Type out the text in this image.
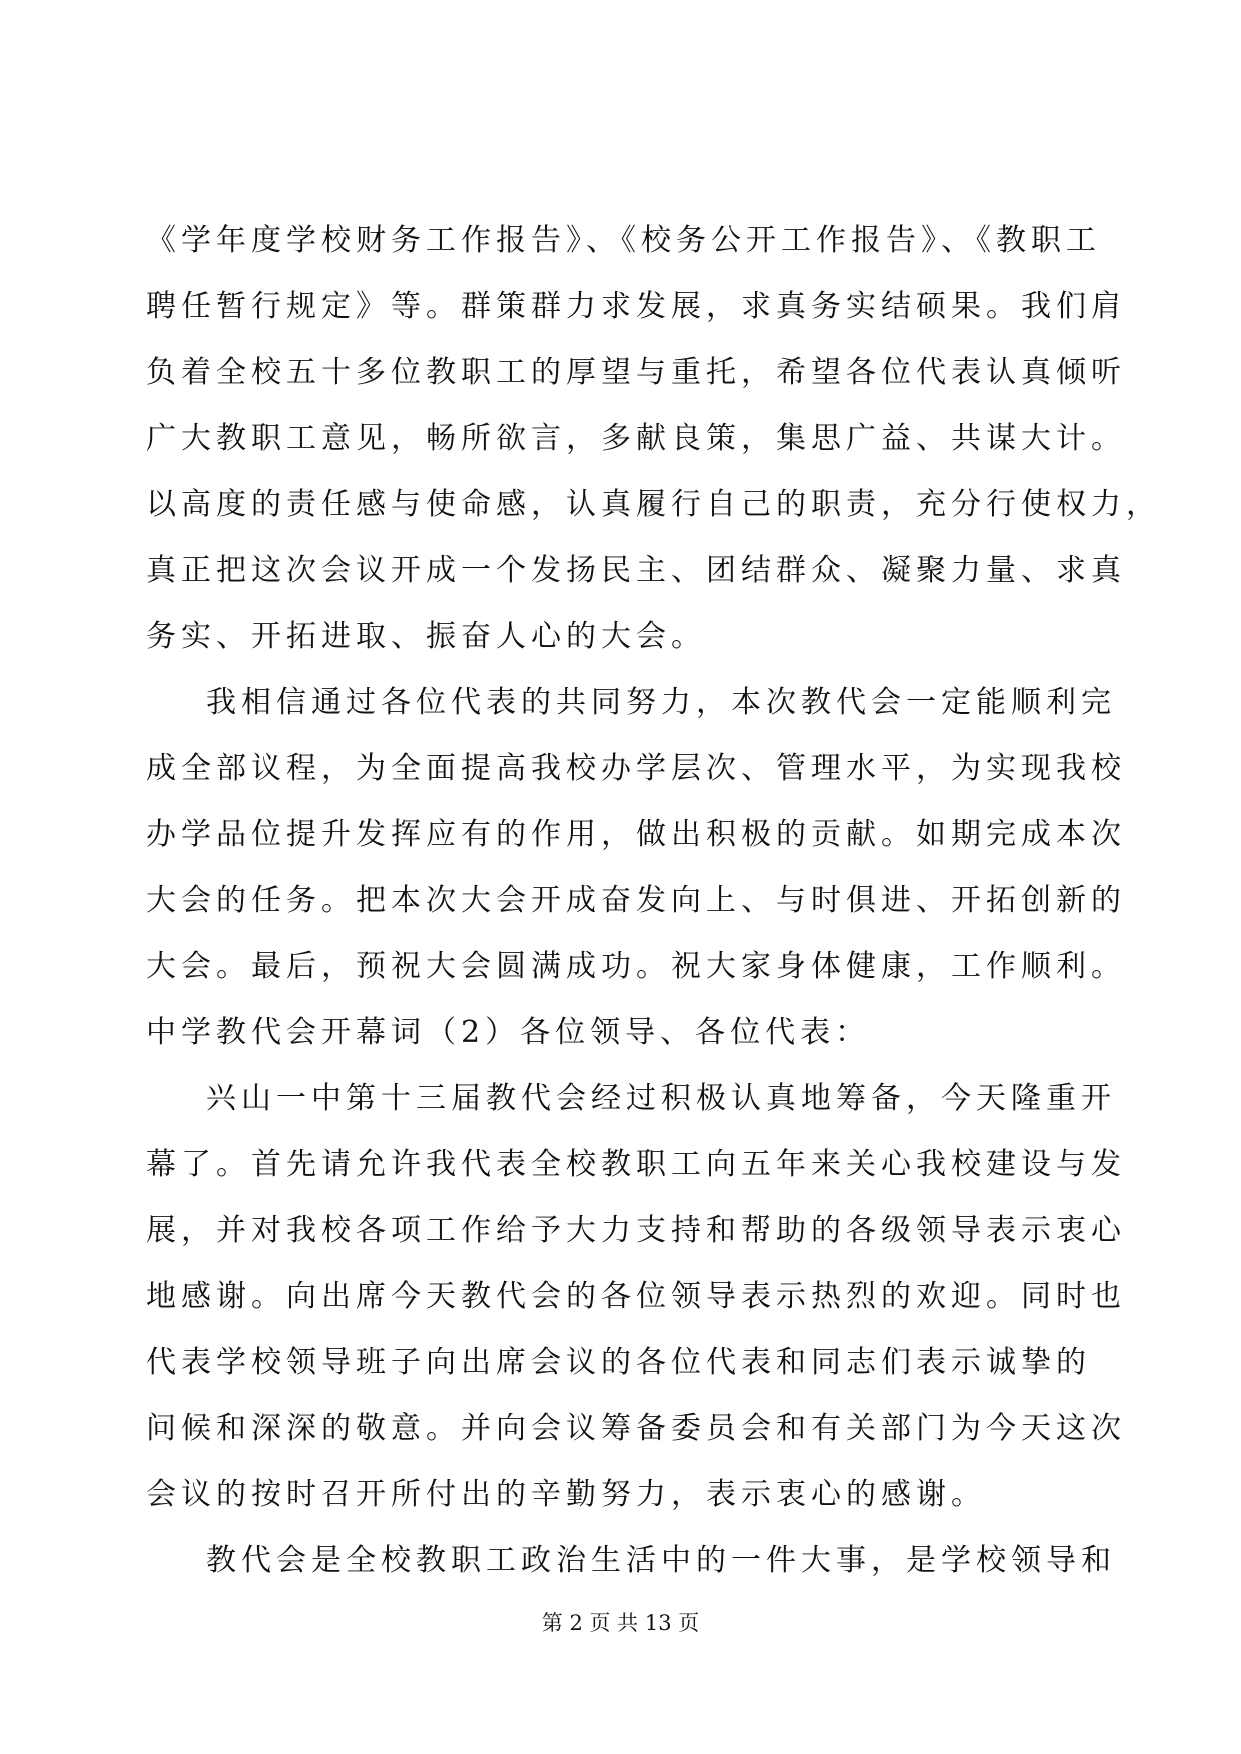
《学年度学校财务工作报告》、《校务公开工作报告》、《教职工
聘任暂行规定》等。群策群力求发展，求真务实结硕果。我们肩
负着全校五十多位教职工的厚望与重托，希望各位代表认真倾听
广大教职工意见，畅所欲言，多献良策，集思广益、共谋大计。
以高度的责任感与使命感，认真履行自己的职责，充分行使权力，
真正把这次会议开成一个发扬民主、团结群众、凝聚力量、求真
务实、开拓进取、振奋人心的大会。
我相信通过各位代表的共同努力，本次教代会一定能顺利完
成全部议程，为全面提高我校办学层次、管理水平，为实现我校
办学品位提升发挥应有的作用，做出积极的贡献。如期完成本次
大会的任务。把本次大会开成奋发向上、与时俱进、开拓创新的
大会。最后，预祝大会圆满成功。祝大家身体健康，工作顺利。
中学教代会开幕词（2）各位领导、各位代表：
兴山一中第十三届教代会经过积极认真地筹备，今天隆重开
幕了。首先请允许我代表全校教职工向五年来关心我校建设与发
展，并对我校各项工作给予大力支持和帮助的各级领导表示衷心
地感谢。向出席今天教代会的各位领导表示热烈的欢迎。同时也
代表学校领导班子向出席会议的各位代表和同志们表示诚挚的
问候和深深的敬意。并向会议筹备委员会和有关部门为今天这次
会议的按时召开所付出的辛勤努力，表示衷心的感谢。
教代会是全校教职工政治生活中的一件大事，是学校领导和
第 2 页 共 13 页
